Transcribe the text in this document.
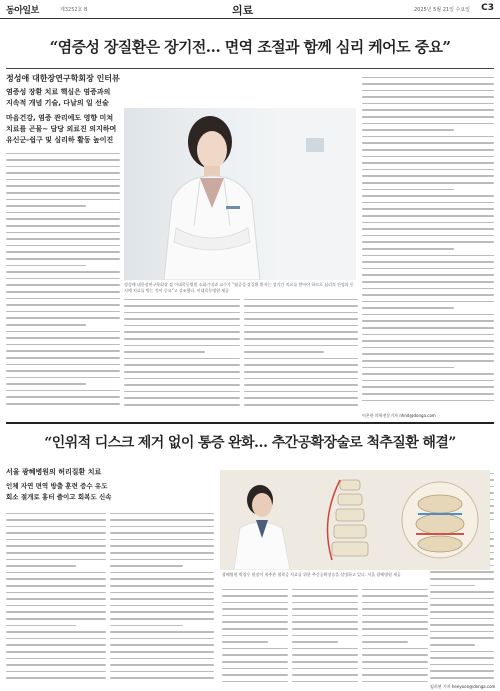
동아일보	제3252호 B	의료	2025년 5월 21일 수요일 C3
“염증성 장질환은 장기전… 면역 조절과 함께 심리 케어도 중요”
정성애 대한장연구학회장 인터뷰
염증성 장환 치료 핵심은 염증과의
지속적 개념 기술, 다날의 일 선술
마음건강, 염증 관리에도 영향 미쳐
치료를 곤물~ 담당 외료진 의지하며
유신군-쉽구 및 심리하 활동 높이진
정성애 대한장연구학회장 겸 이대목동병원 소화기내과 교수가 “염증성 장질환 환자는 장기간 치료를 받아야 하므로 심리적 안정과 동시에 치료를 받는 것이 중요”고 강조했다. 이대목동병원 제공
이은한 의학전문기자 nhnd@donga.com
“인위적 디스크 제거 없이 통증 완화… 추간공확장술로 척추질환 해결”
서울 광혜병원의 허리질환 치료
인체 자연 면역 방출 훈련 증수 유도
회소 절개로 흉터 줄이고 회복도 신속
광혜병원 박경우 원장이 척추관 협착증 치료를 위한 추간공확장술을 설명하고 있다. 서울 광혜병원 제공
임희연 기자 heeyoon@donga.com
